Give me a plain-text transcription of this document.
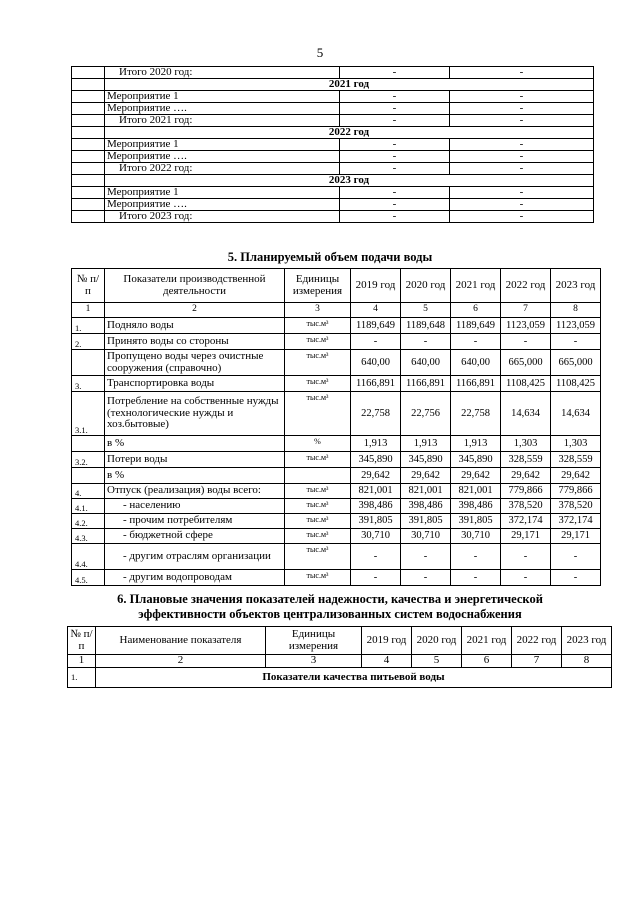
5
	Итого 2020 год:	-	-
	2021 год		
	Мероприятие 1	-	-
	Мероприятие ….	-	-
	Итого 2021 год:	-	-
	2022 год		
	Мероприятие 1	-	-
	Мероприятие ….	-	-
	Итого 2022 год:	-	-
	2023 год		
	Мероприятие 1	-	-
	Мероприятие ….	-	-
	Итого 2023 год:	-	-
5. Планируемый объем подачи воды
№ п/п	Показатели производственной деятельности	Единицы измерения	2019 год	2020 год	2021 год	2022 год	2023 год
1	2	3	4	5	6	7	8
1.	Подняло воды	тыс.м³	1189,649	1189,648	1189,649	1123,059	1123,059
2.	Принято воды со стороны	тыс.м³	-	-	-	-	-
	Пропущено воды через очистные сооружения (справочно)	тыс.м³	640,00	640,00	640,00	665,000	665,000
3.	Транспортировка воды	тыс.м³	1166,891	1166,891	1166,891	1108,425	1108,425
3.1.	Потребление на собственные нужды (технологические нужды и хоз.бытовые)	тыс.м³	22,758	22,756	22,758	14,634	14,634
	в %	%	1,913	1,913	1,913	1,303	1,303
3.2.	Потери воды	тыс.м³	345,890	345,890	345,890	328,559	328,559
	в %		29,642	29,642	29,642	29,642	29,642
4.	Отпуск (реализация) воды всего:	тыс.м³	821,001	821,001	821,001	779,866	779,866
4.1.	- населению	тыс.м³	398,486	398,486	398,486	378,520	378,520
4.2.	- прочим потребителям	тыс.м³	391,805	391,805	391,805	372,174	372,174
4.3.	- бюджетной сфере	тыс.м³	30,710	30,710	30,710	29,171	29,171
4.4.	- другим отраслям организации	тыс.м³	-	-	-	-	-
4.5.	- другим водопроводам	тыс.м³	-	-	-	-	-
6. Плановые значения показателей надежности, качества и энергетической
эффективности объектов централизованных систем водоснабжения
№ п/п	Наименование показателя	Единицы измерения	2019 год	2020 год	2021 год	2022 год	2023 год
1	2	3	4	5	6	7	8
1.	Показатели качества питьевой воды						
